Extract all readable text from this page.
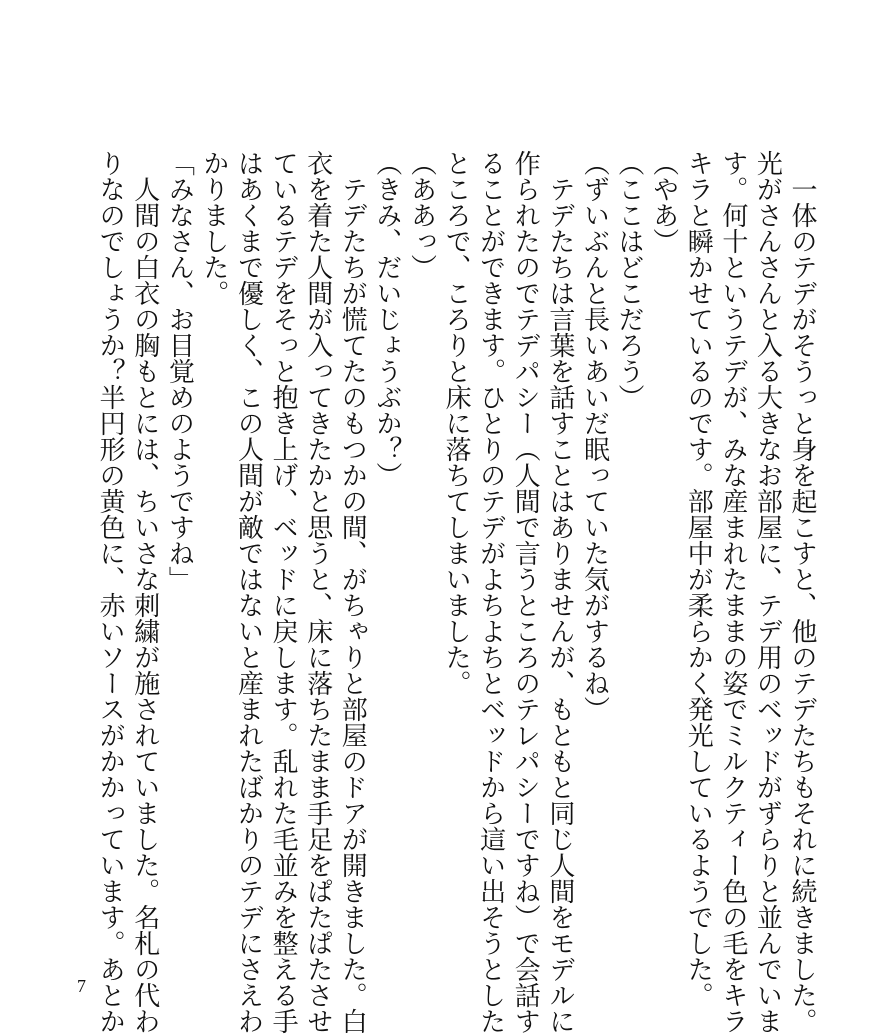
　一体のテデがそうっと身を起こすと、他のテデたちもそれに続きました。
光がさんさんと入る大きなお部屋に、テデ用のベッドがずらりと並んでいま
す。何十というテデが、みな産まれたままの姿でミルクティー色の毛をキラ
キラと瞬かせているのです。部屋中が柔らかく発光しているようでした。
（やあ）
（ここはどこだろう）
（ずいぶんと長いあいだ眠っていた気がするね）
　テデたちは言葉を話すことはありませんが、もともと同じ人間をモデルに
作られたのでテデパシー（人間で言うところのテレパシーですね）で会話す
ることができます。ひとりのテデがよちよちとベッドから這い出そうとした
ところで、ころりと床に落ちてしまいました。
（ああっ）
（きみ、だいじょうぶか？）
　テデたちが慌てたのもつかの間、がちゃりと部屋のドアが開きました。白
衣を着た人間が入ってきたかと思うと、床に落ちたまま手足をぱたぱたさせ
ているテデをそっと抱き上げ、ベッドに戻します。乱れた毛並みを整える手
はあくまで優しく、この人間が敵ではないと産まれたばかりのテデにさえわ
かりました。
「みなさん、お目覚めのようですね」
　人間の白衣の胸もとには、ちいさな刺繍が施されていました。名札の代わ
りなのでしょうか？半円形の黄色に、赤いソースがかかっています。あとか
7
